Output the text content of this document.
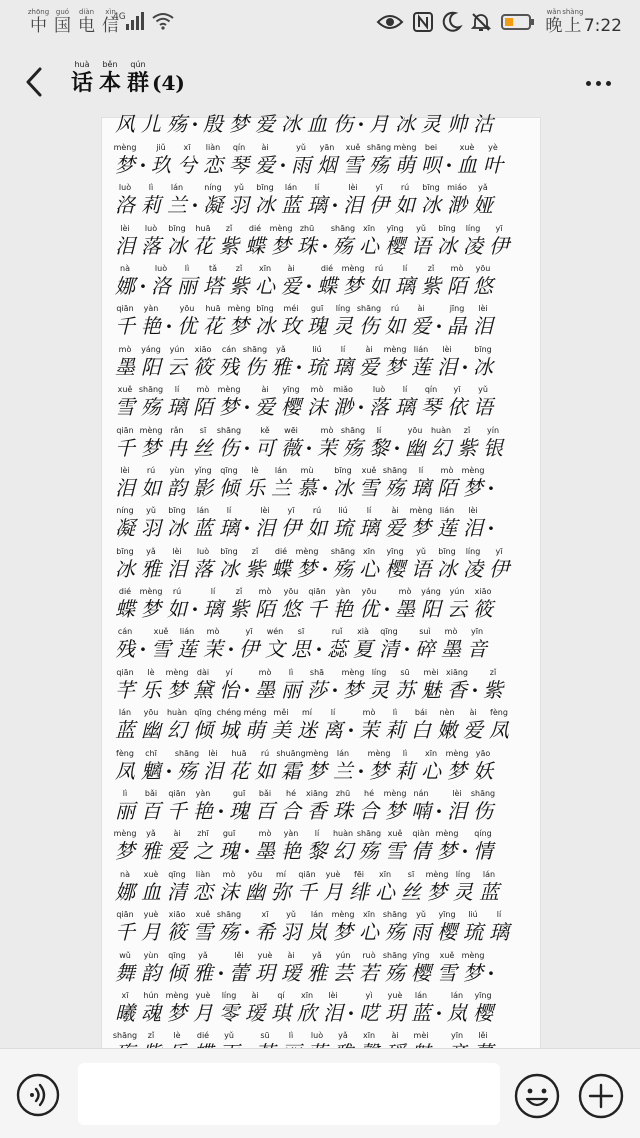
zhōng
中
guó
国
diàn
电
xìn
信
4G	wǎn
晚
shàng
上 7:22
huà
话
běn
本
qún
群 (4)
风 儿 殇 · 殷 梦 爱 冰 血 伤 · 月 冰 灵 帅 沽
mèng
梦 ·
jiǔ
玖
xī
兮
liàn
恋
qín
琴
ài
爱 ·
yǔ
雨
yān
烟
xuě
雪
shāng
殇
mèng
萌
bei
呗 ·
xuè
血
yè
叶
luò
洛
lì
莉
lán
兰 ·
níng
凝
yǔ
羽
bīng
冰
lán
蓝
lí
璃 ·
lèi
泪
yī
伊
rú
如
bīng
冰
miáo
渺
yǎ
娅
lèi
泪
luò
落
bīng
冰
huā
花
zǐ
紫
dié
蝶
mèng
梦
zhū
珠 ·
shāng
殇
xīn
心
yīng
樱
yǔ
语
bīng
冰
líng
凌
yī
伊
nà
娜 ·
luò
洛
lì
丽
tǎ
塔
zǐ
紫
xīn
心
ài
爱 ·
dié
蝶
mèng
梦
rú
如
lí
璃
zǐ
紫
mò
陌
yōu
悠
qiān
千
yàn
艳 ·
yōu
优
huā
花
mèng
梦
bīng
冰
méi
玫
guī
瑰
líng
灵
shāng
伤
rú
如
ài
爱 ·
jīng
晶
lèi
泪
mò
墨
yáng
阳
yún
云
xiāo
筱
cán
残
shāng
伤
yǎ
雅 ·
liú
琉
lí
璃
ài
爱
mèng
梦
lián
莲
lèi
泪 ·
bīng
冰
xuě
雪
shāng
殇
lí
璃
mò
陌
mèng
梦 ·
ài
爱
yīng
樱
mò
沫
miǎo
渺 ·
luò
落
lí
璃
qín
琴
yī
依
yǔ
语
qiān
千
mèng
梦
rǎn
冉
sī
丝
shāng
伤 ·
kě
可
wēi
薇 ·
mò
茉
shāng
殇
lí
黎 ·
yōu
幽
huàn
幻
zǐ
紫
yín
银
lèi
泪
rú
如
yùn
韵
yǐng
影
qīng
倾
lè
乐
lán
兰
mù
慕 ·
bīng
冰
xuě
雪
shāng
殇
lí
璃
mò
陌
mèng
梦 ·
níng
凝
yǔ
羽
bīng
冰
lán
蓝
lí
璃 ·
lèi
泪
yī
伊
rú
如
liú
琉
lí
璃
ài
爱
mèng
梦
lián
莲
lèi
泪 ·
bīng
冰
yǎ
雅
lèi
泪
luò
落
bīng
冰
zǐ
紫
dié
蝶
mèng
梦 ·
shāng
殇
xīn
心
yīng
樱
yǔ
语
bīng
冰
líng
凌
yī
伊
dié
蝶
mèng
梦
rú
如 ·
lí
璃
zǐ
紫
mò
陌
yōu
悠
qiān
千
yàn
艳
yōu
优 ·
mò
墨
yáng
阳
yún
云
xiāo
筱
cán
残 ·
xuě
雪
lián
莲
mò
茉 ·
yī
伊
wén
文
sī
思 ·
ruǐ
蕊
xià
夏
qīng
清 ·
suì
碎
mò
墨
yīn
音
qiān
芊
lè
乐
mèng
梦
dài
黛
yí
怡 ·
mò
墨
lì
丽
shā
莎 ·
mèng
梦
líng
灵
sū
苏
mèi
魅
xiāng
香 ·
zǐ
紫
lán
蓝
yōu
幽
huàn
幻
qīng
倾
chéng
城
méng
萌
měi
美
mí
迷
lí
离 ·
mò
茉
lì
莉
bái
白
nèn
嫩
ài
爱
fèng
凤
fèng
凤
chī
魑 ·
shāng
殇
lèi
泪
huā
花
rú
如
shuāng
霜
mèng
梦
lán
兰 ·
mèng
梦
lì
莉
xīn
心
mèng
梦
yāo
妖
lì
丽
bǎi
百
qiān
千
yàn
艳 ·
guī
瑰
bǎi
百
hé
合
xiāng
香
zhū
珠
hé
合
mèng
梦
nán
喃 ·
lèi
泪
shāng
伤
mèng
梦
yǎ
雅
ài
爱
zhī
之
guī
瑰 ·
mò
墨
yàn
艳
lí
黎
huàn
幻
shāng
殇
xuě
雪
qiàn
倩
mèng
梦 ·
qíng
情
nà
娜
xuè
血
qīng
清
liàn
恋
mò
沫
yōu
幽
mí
弥
qiān
千
yuè
月
fēi
绯
xīn
心
sī
丝
mèng
梦
líng
灵
lán
蓝
qiān
千
yuè
月
xiāo
筱
xuě
雪
shāng
殇 ·
xī
希
yǔ
羽
lán
岚
mèng
梦
xīn
心
shāng
殇
yǔ
雨
yīng
樱
liú
琉
lí
璃
wǔ
舞
yùn
韵
qīng
倾
yǎ
雅 ·
lěi
蕾
yuè
玥
ài
瑷
yǎ
雅
yún
芸
ruò
若
shāng
殇
yīng
樱
xuě
雪
mèng
梦 ·
xī
曦
hún
魂
mèng
梦
yuè
月
líng
零
ài
瑷
qí
琪
xīn
欣
lèi
泪 ·
yì
呓
yuè
玥
lán
蓝 ·
lán
岚
yīng
樱
shāng zǐ lè dié yǔ	sū lì luò yǎ xīn ài mèi	yīn lěi
